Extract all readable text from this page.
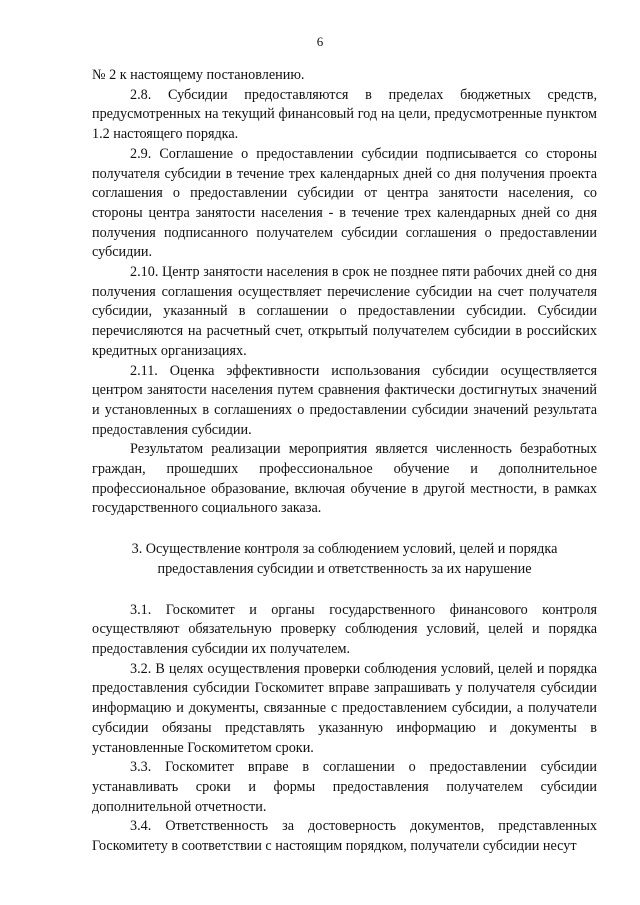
6

№ 2 к настоящему постановлению.

2.8. Субсидии предоставляются в пределах бюджетных средств, предусмотренных на текущий финансовый год на цели, предусмотренные пунктом 1.2 настоящего порядка.

2.9. Соглашение о предоставлении субсидии подписывается со стороны получателя субсидии в течение трех календарных дней со дня получения проекта соглашения о предоставлении субсидии от центра занятости населения, со стороны центра занятости населения - в течение трех календарных дней со дня получения подписанного получателем субсидии соглашения о предоставлении субсидии.

2.10. Центр занятости населения в срок не позднее пяти рабочих дней со дня получения соглашения осуществляет перечисление субсидии на счет получателя субсидии, указанный в соглашении о предоставлении субсидии. Субсидии перечисляются на расчетный счет, открытый получателем субсидии в российских кредитных организациях.

2.11. Оценка эффективности использования субсидии осуществляется центром занятости населения путем сравнения фактически достигнутых значений и установленных в соглашениях о предоставлении субсидии значений результата предоставления субсидии.

Результатом реализации мероприятия является численность безработных граждан, прошедших профессиональное обучение и дополнительное профессиональное образование, включая обучение в другой местности, в рамках государственного социального заказа.

3. Осуществление контроля за соблюдением условий, целей и порядка
предоставления субсидии и ответственность за их нарушение

3.1. Госкомитет и органы государственного финансового контроля осуществляют обязательную проверку соблюдения условий, целей и порядка предоставления субсидии их получателем.

3.2. В целях осуществления проверки соблюдения условий, целей и порядка предоставления субсидии Госкомитет вправе запрашивать у получателя субсидии информацию и документы, связанные с предоставлением субсидии, а получатели субсидии обязаны представлять указанную информацию и документы в установленные Госкомитетом сроки.

3.3. Госкомитет вправе в соглашении о предоставлении субсидии устанавливать сроки и формы предоставления получателем субсидии дополнительной отчетности.

3.4. Ответственность за достоверность документов, представленных Госкомитету в соответствии с настоящим порядком, получатели субсидии несут
